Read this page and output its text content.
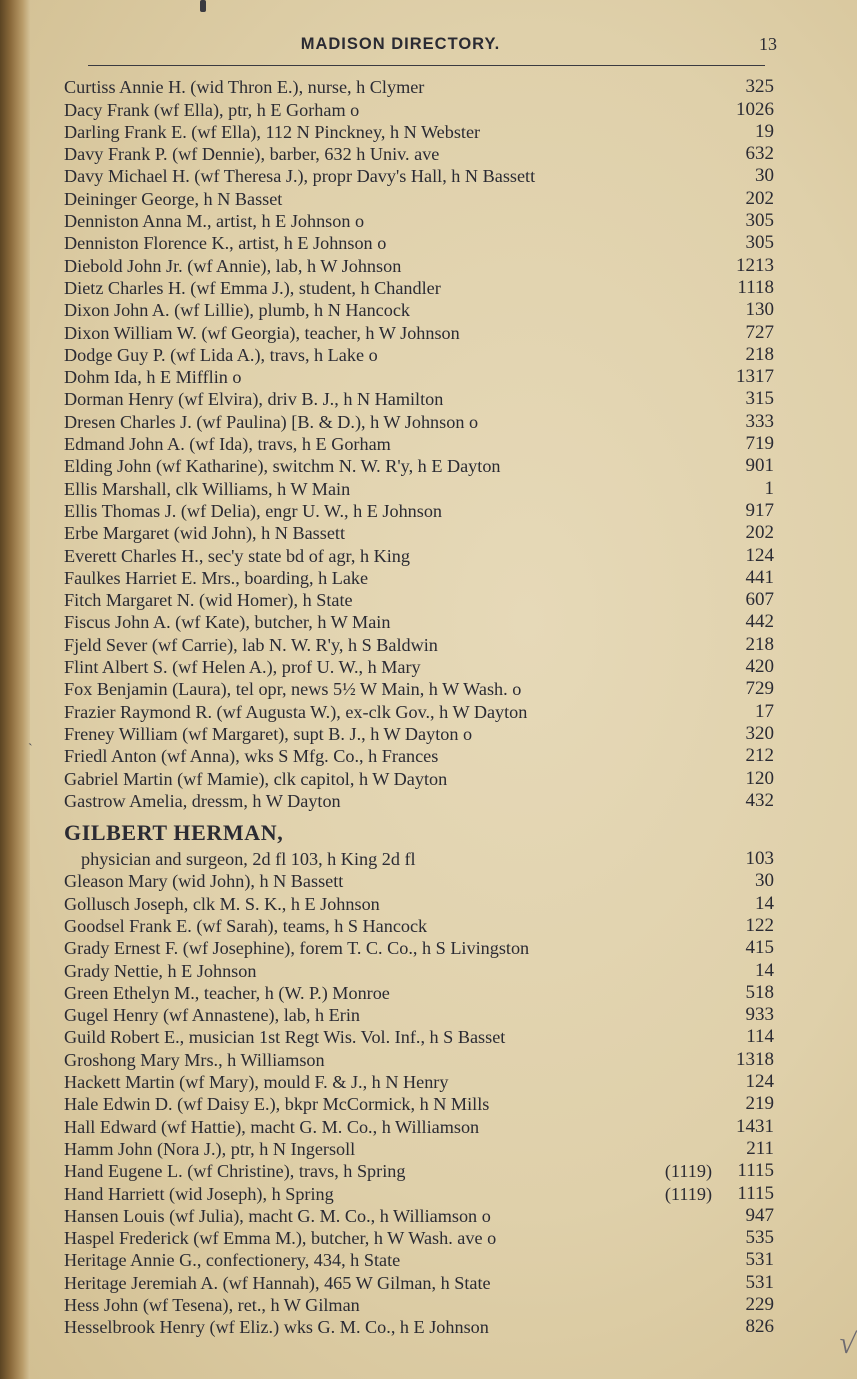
MADISON DIRECTORY.	13
Curtiss Annie H. (wid Thron E.), nurse, h Clymer	325
Dacy Frank (wf Ella), ptr, h E Gorham o	1026
Darling Frank E. (wf Ella), 112 N Pinckney, h N Webster	19
Davy Frank P. (wf Dennie), barber, 632 h Univ. ave	632
Davy Michael H. (wf Theresa J.), propr Davy's Hall, h N Bassett	30
Deininger George, h N Basset	202
Denniston Anna M., artist, h E Johnson o	305
Denniston Florence K., artist, h E Johnson o	305
Diebold John Jr. (wf Annie), lab, h W Johnson	1213
Dietz Charles H. (wf Emma J.), student, h Chandler	1118
Dixon John A. (wf Lillie), plumb, h N Hancock	130
Dixon William W. (wf Georgia), teacher, h W Johnson	727
Dodge Guy P. (wf Lida A.), travs, h Lake o	218
Dohm Ida, h E Mifflin o	1317
Dorman Henry (wf Elvira), driv B. J., h N Hamilton	315
Dresen Charles J. (wf Paulina) [B. & D.), h W Johnson o	333
Edmand John A. (wf Ida), travs, h E Gorham	719
Elding John (wf Katharine), switchm N. W. R'y, h E Dayton	901
Ellis Marshall, clk Williams, h W Main	1
Ellis Thomas J. (wf Delia), engr U. W., h E Johnson	917
Erbe Margaret (wid John), h N Bassett	202
Everett Charles H., sec'y state bd of agr, h King	124
Faulkes Harriet E. Mrs., boarding, h Lake	441
Fitch Margaret N. (wid Homer), h State	607
Fiscus John A. (wf Kate), butcher, h W Main	442
Fjeld Sever (wf Carrie), lab N. W. R'y, h S Baldwin	218
Flint Albert S. (wf Helen A.), prof U. W., h Mary	420
Fox Benjamin (Laura), tel opr, news 5½ W Main, h W Wash. o	729
Frazier Raymond R. (wf Augusta W.), ex-clk Gov., h W Dayton	17
Freney William (wf Margaret), supt B. J., h W Dayton o	320
Friedl Anton (wf Anna), wks S Mfg. Co., h Frances	212
Gabriel Martin (wf Mamie), clk capitol, h W Dayton	120
Gastrow Amelia, dressm, h W Dayton	432
GILBERT HERMAN,
physician and surgeon, 2d fl 103, h King 2d fl	103
Gleason Mary (wid John), h N Bassett	30
Gollusch Joseph, clk M. S. K., h E Johnson	14
Goodsel Frank E. (wf Sarah), teams, h S Hancock	122
Grady Ernest F. (wf Josephine), forem T. C. Co., h S Livingston	415
Grady Nettie, h E Johnson	14
Green Ethelyn M., teacher, h (W. P.) Monroe	518
Gugel Henry (wf Annastene), lab, h Erin	933
Guild Robert E., musician 1st Regt Wis. Vol. Inf., h S Basset	114
Groshong Mary Mrs., h Williamson	1318
Hackett Martin (wf Mary), mould F. & J., h N Henry	124
Hale Edwin D. (wf Daisy E.), bkpr McCormick, h N Mills	219
Hall Edward (wf Hattie), macht G. M. Co., h Williamson	1431
Hamm John (Nora J.), ptr, h N Ingersoll	211
Hand Eugene L. (wf Christine), travs, h Spring	(1119)	1115
Hand Harriett (wid Joseph), h Spring	(1119)	1115
Hansen Louis (wf Julia), macht G. M. Co., h Williamson o	947
Haspel Frederick (wf Emma M.), butcher, h W Wash. ave o	535
Heritage Annie G., confectionery, 434, h State	531
Heritage Jeremiah A. (wf Hannah), 465 W Gilman, h State	531
Hess John (wf Tesena), ret., h W Gilman	229
Hesselbrook Henry (wf Eliz.) wks G. M. Co., h E Johnson	826
`
√
